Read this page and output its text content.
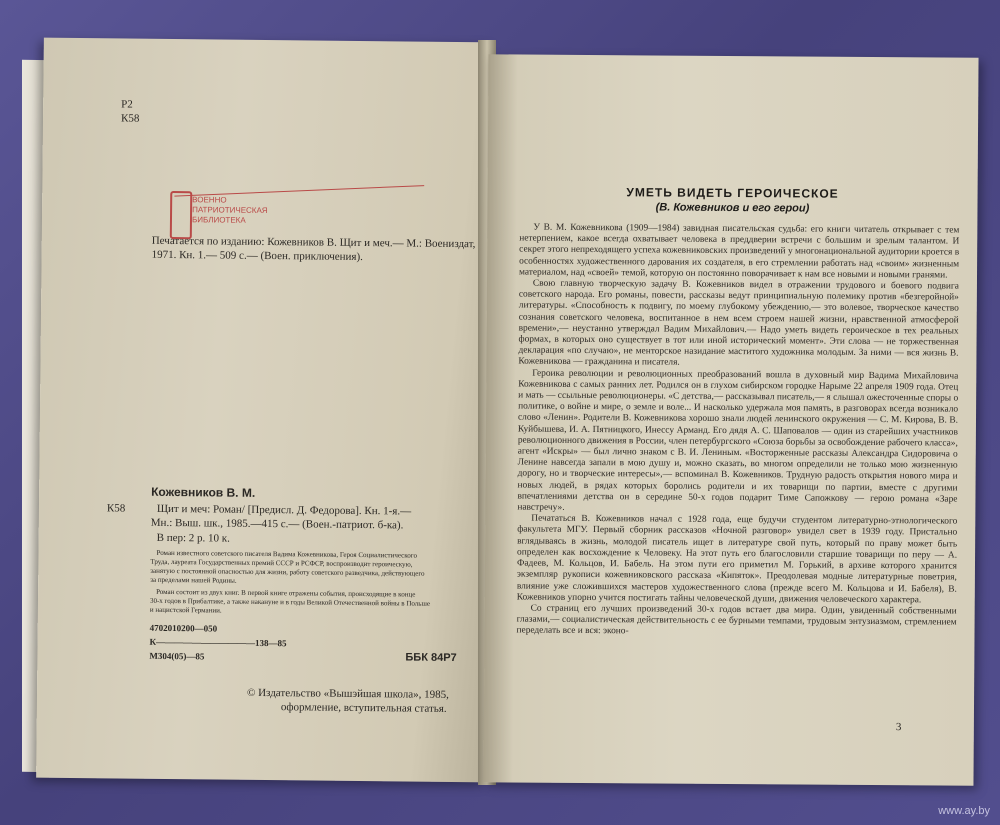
Р2
К58
ВОЕННО
ПАТРИОТИЧЕСКАЯ
БИБЛИОТЕКА
Печатается по изданию: Кожевников В. Щит и меч.— М.: Воениздат,
1971. Кн. 1.— 509 с.— (Воен. приключения).
Кожевников В. М.
К58	Щит и меч: Роман/ [Предисл. Д. Федорова]. Кн. 1-я.—
Мн.: Выш. шк., 1985.—415 с.— (Воен.-патриот. б-ка).
В пер: 2 р. 10 к.
Роман известного советского писателя Вадима Кожевникова, Героя Социалистического
Труда, лауреата Государственных премий СССР и РСФСР, воспроизводит героическую,
занятую с постоянной опасностью для жизни, работу советского разведчика, действующего
за пределами нашей Родины.
Роман состоит из двух книг. В первой книге отражены события, происходящие в конце
30-х годов в Прибалтике, а также накануне и в годы Великой Отечественной войны в Польше
и нацистской Германии.
4702010200—050
К———————————138—85
М304(05)—85	ББК 84Р7
© Издательство «Вышэйшая школа», 1985,
оформление, вступительная статья.
УМЕТЬ ВИДЕТЬ ГЕРОИЧЕСКОЕ
(В. Кожевников и его герои)

У В. М. Кожевникова (1909—1984) завидная писательская судьба: его книги читатель открывает с тем нетерпением, какое всегда охватывает человека в преддверии встречи с большим и зрелым талантом. И секрет этого непреходящего успеха кожевниковских произведений у многонациональной аудитории кроется в особенностях художественного дарования их создателя, в его стремлении работать над «своим» жизненным материалом, над «своей» темой, которую он постоянно поворачивает к нам все новыми и новыми гранями.

Свою главную творческую задачу В. Кожевников видел в отражении трудового и боевого подвига советского народа. Его романы, повести, рассказы ведут принципиальную полемику против «безгеройной» литературы. «Способность к подвигу, по моему глубокому убеждению,— это волевое, творческое качество сознания советского человека, воспитанное в нем всем строем нашей жизни, нравственной атмосферой времени»,— неустанно утверждал Вадим Михайлович.— Надо уметь видеть героическое в тех реальных формах, в которых оно существует в тот или иной исторический момент». Эти слова — не торжественная декларация «по случаю», не менторское назидание маститого художника молодым. За ними — вся жизнь В. Кожевникова — гражданина и писателя.

Героика революции и революционных преобразований вошла в духовный мир Вадима Михайловича Кожевникова с самых ранних лет. Родился он в глухом сибирском городке Нарыме 22 апреля 1909 года. Отец и мать — ссыльные революционеры. «С детства,— рассказывал писатель,— я слышал ожесточенные споры о политике, о войне и мире, о земле и воле... И насколько удержала моя память, в разговорах всегда возникало слово «Ленин». Родители В. Кожевникова хорошо знали людей ленинского окружения — С. М. Кирова, В. В. Куйбышева, И. А. Пятницкого, Инессу Арманд. Его дядя А. С. Шаповалов — один из старейших участников революционного движения в России, член петербургского «Союза борьбы за освобождение рабочего класса», агент «Искры» — был лично знаком с В. И. Лениным. «Восторженные рассказы Александра Сидоровича о Ленине навсегда запали в мою душу и, можно сказать, во многом определили не только мою жизненную дорогу, но и творческие интересы»,— вспоминал В. Кожевников. Трудную радость открытия нового мира и новых людей, в рядах которых боролись родители и их товарищи по партии, вместе с другими впечатлениями детства он в середине 50-х годов подарит Тиме Сапожкову — герою романа «Заре навстречу».

Печататься В. Кожевников начал с 1928 года, еще будучи студентом литературно-этнологического факультета МГУ. Первый сборник рассказов «Ночной разговор» увидел свет в 1939 году. Пристально вглядываясь в жизнь, молодой писатель ищет в литературе свой путь, который по праву может быть определен как восхождение к Человеку. На этот путь его благословили старшие товарищи по перу — А. Фадеев, М. Кольцов, И. Бабель. На этом пути его приметил М. Горький, в архиве которого хранится экземпляр рукописи кожевниковского рассказа «Кипяток». Преодолевая модные литературные поветрия, влияние уже сложившихся мастеров художественного слова (прежде всего М. Кольцова и И. Бабеля), В. Кожевников упорно учится постигать тайны человеческой души, движения человеческого характера.

Со страниц его лучших произведений 30-х годов встает два мира. Один, увиденный собственными глазами,— социалистическая действительность с ее бурными темпами, трудовым энтузиазмом, стремлением переделать все и вся: эконо-

3
www.ay.by
